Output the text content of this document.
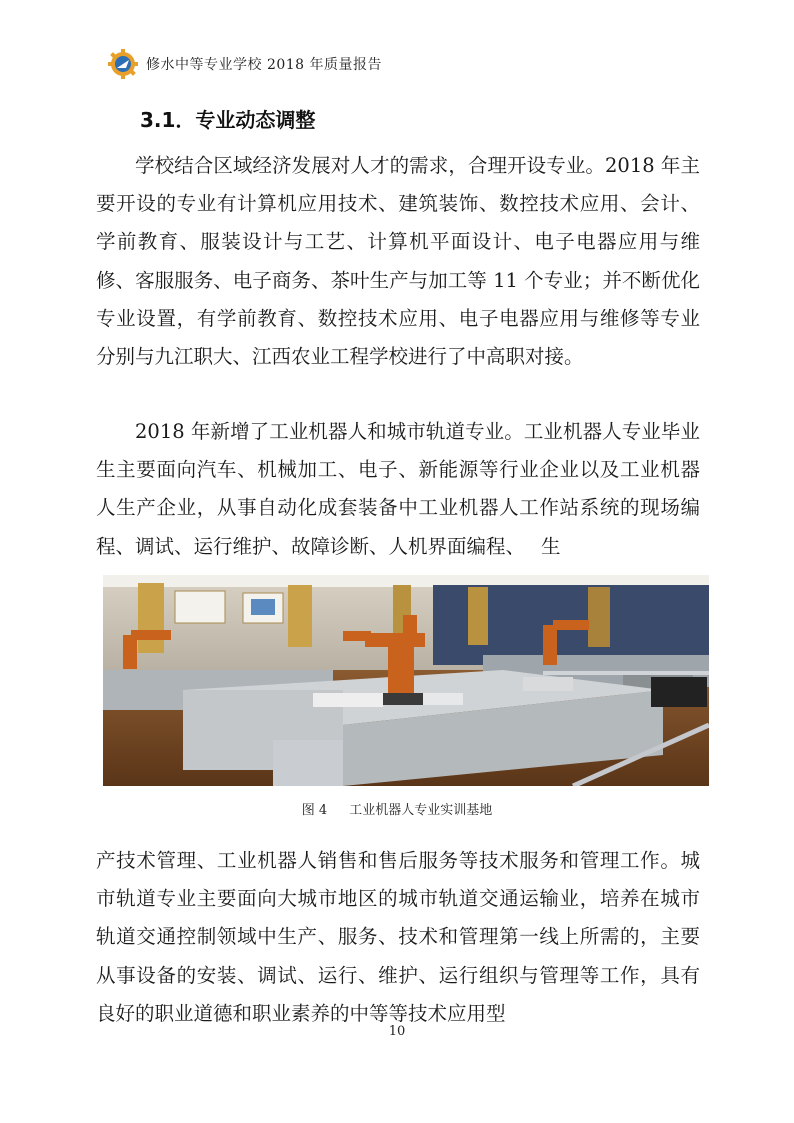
修水中等专业学校 2018 年质量报告
3.1．专业动态调整

学校结合区域经济发展对人才的需求，合理开设专业。2018 年主要开设的专业有计算机应用技术、建筑装饰、数控技术应用、会计、学前教育、服装设计与工艺、计算机平面设计、电子电器应用与维修、客服服务、电子商务、茶叶生产与加工等 11 个专业；并不断优化专业设置，有学前教育、数控技术应用、电子电器应用与维修等专业分别与九江职大、江西农业工程学校进行了中高职对接。

2018 年新增了工业机器人和城市轨道专业。工业机器人专业毕业生主要面向汽车、机械加工、电子、新能源等行业企业以及工业机器人生产企业，从事自动化成套装备中工业机器人工作站系统的现场编程、调试、运行维护、故障诊断、人机界面编程、　 生

图 4 工业机器人专业实训基地

产技术管理、工业机器人销售和售后服务等技术服务和管理工作。城市轨道专业主要面向大城市地区的城市轨道交通运输业，培养在城市轨道交通控制领域中生产、服务、技术和管理第一线上所需的，主要从事设备的安装、调试、运行、维护、运行组织与管理等工作，具有良好的职业道德和职业素养的中等等技术应用型

10
